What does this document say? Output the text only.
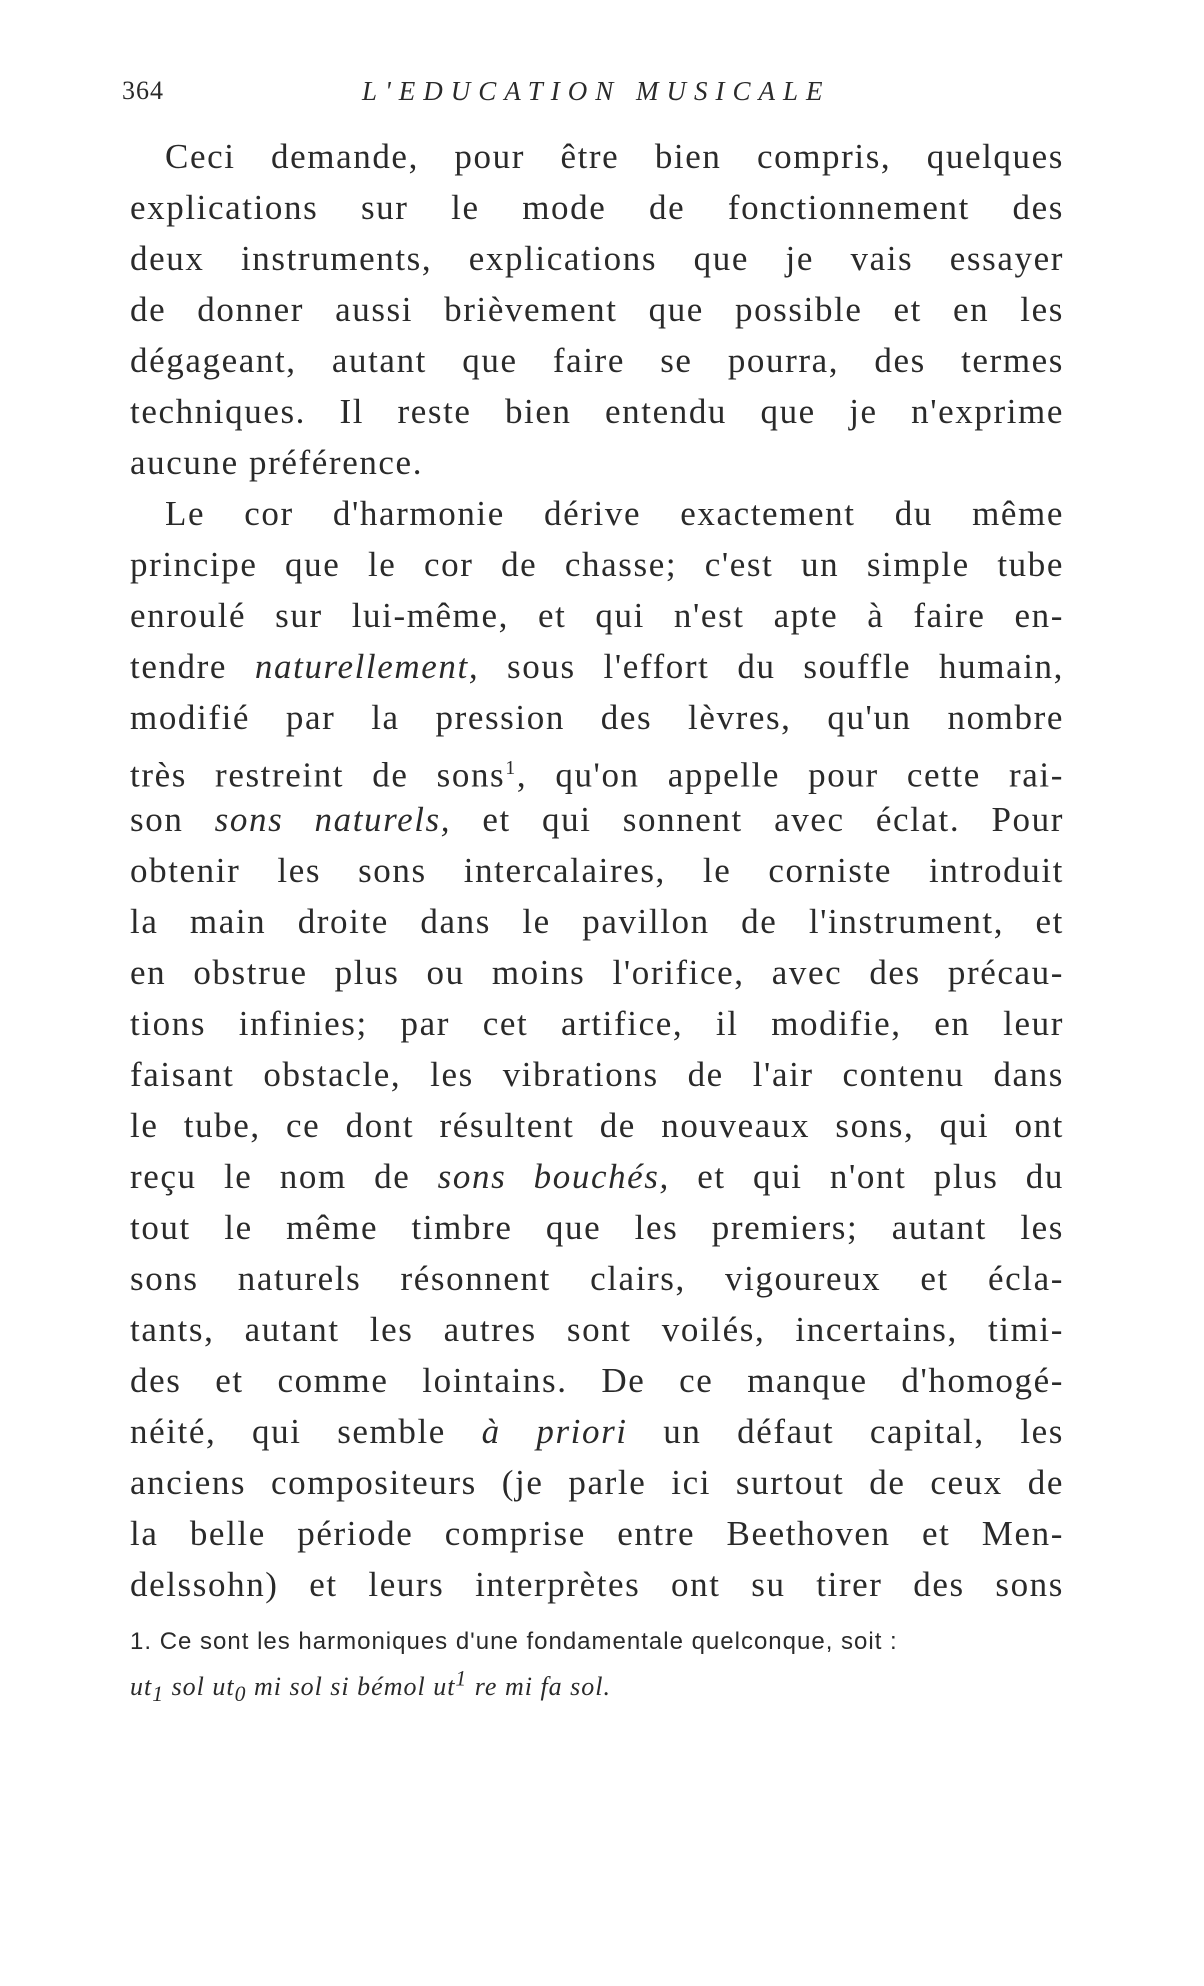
364	L'EDUCATION MUSICALE
Ceci demande, pour être bien compris, quelques
explications sur le mode de fonctionnement des
deux instruments, explications que je vais essayer
de donner aussi brièvement que possible et en les
dégageant, autant que faire se pourra, des termes
techniques. Il reste bien entendu que je n'exprime
aucune préférence.
Le cor d'harmonie dérive exactement du même
principe que le cor de chasse; c'est un simple tube
enroulé sur lui-même, et qui n'est apte à faire en-
tendre naturellement, sous l'effort du souffle humain,
modifié par la pression des lèvres, qu'un nombre
très restreint de sons$^1$, qu'on appelle pour cette rai-
son sons naturels, et qui sonnent avec éclat. Pour
obtenir les sons intercalaires, le corniste introduit
la main droite dans le pavillon de l'instrument, et
en obstrue plus ou moins l'orifice, avec des précau-
tions infinies; par cet artifice, il modifie, en leur
faisant obstacle, les vibrations de l'air contenu dans
le tube, ce dont résultent de nouveaux sons, qui ont
reçu le nom de sons bouchés, et qui n'ont plus du
tout le même timbre que les premiers; autant les
sons naturels résonnent clairs, vigoureux et écla-
tants, autant les autres sont voilés, incertains, timi-
des et comme lointains. De ce manque d'homogé-
néité, qui semble à priori un défaut capital, les
anciens compositeurs (je parle ici surtout de ceux de
la belle période comprise entre Beethoven et Men-
delssohn) et leurs interprètes ont su tirer des sons
1. Ce sont les harmoniques d'une fondamentale quelconque, soit :
$ut_1$ sol $ut_0$ mi sol si bémol $ut^1$ re mi fa sol.
